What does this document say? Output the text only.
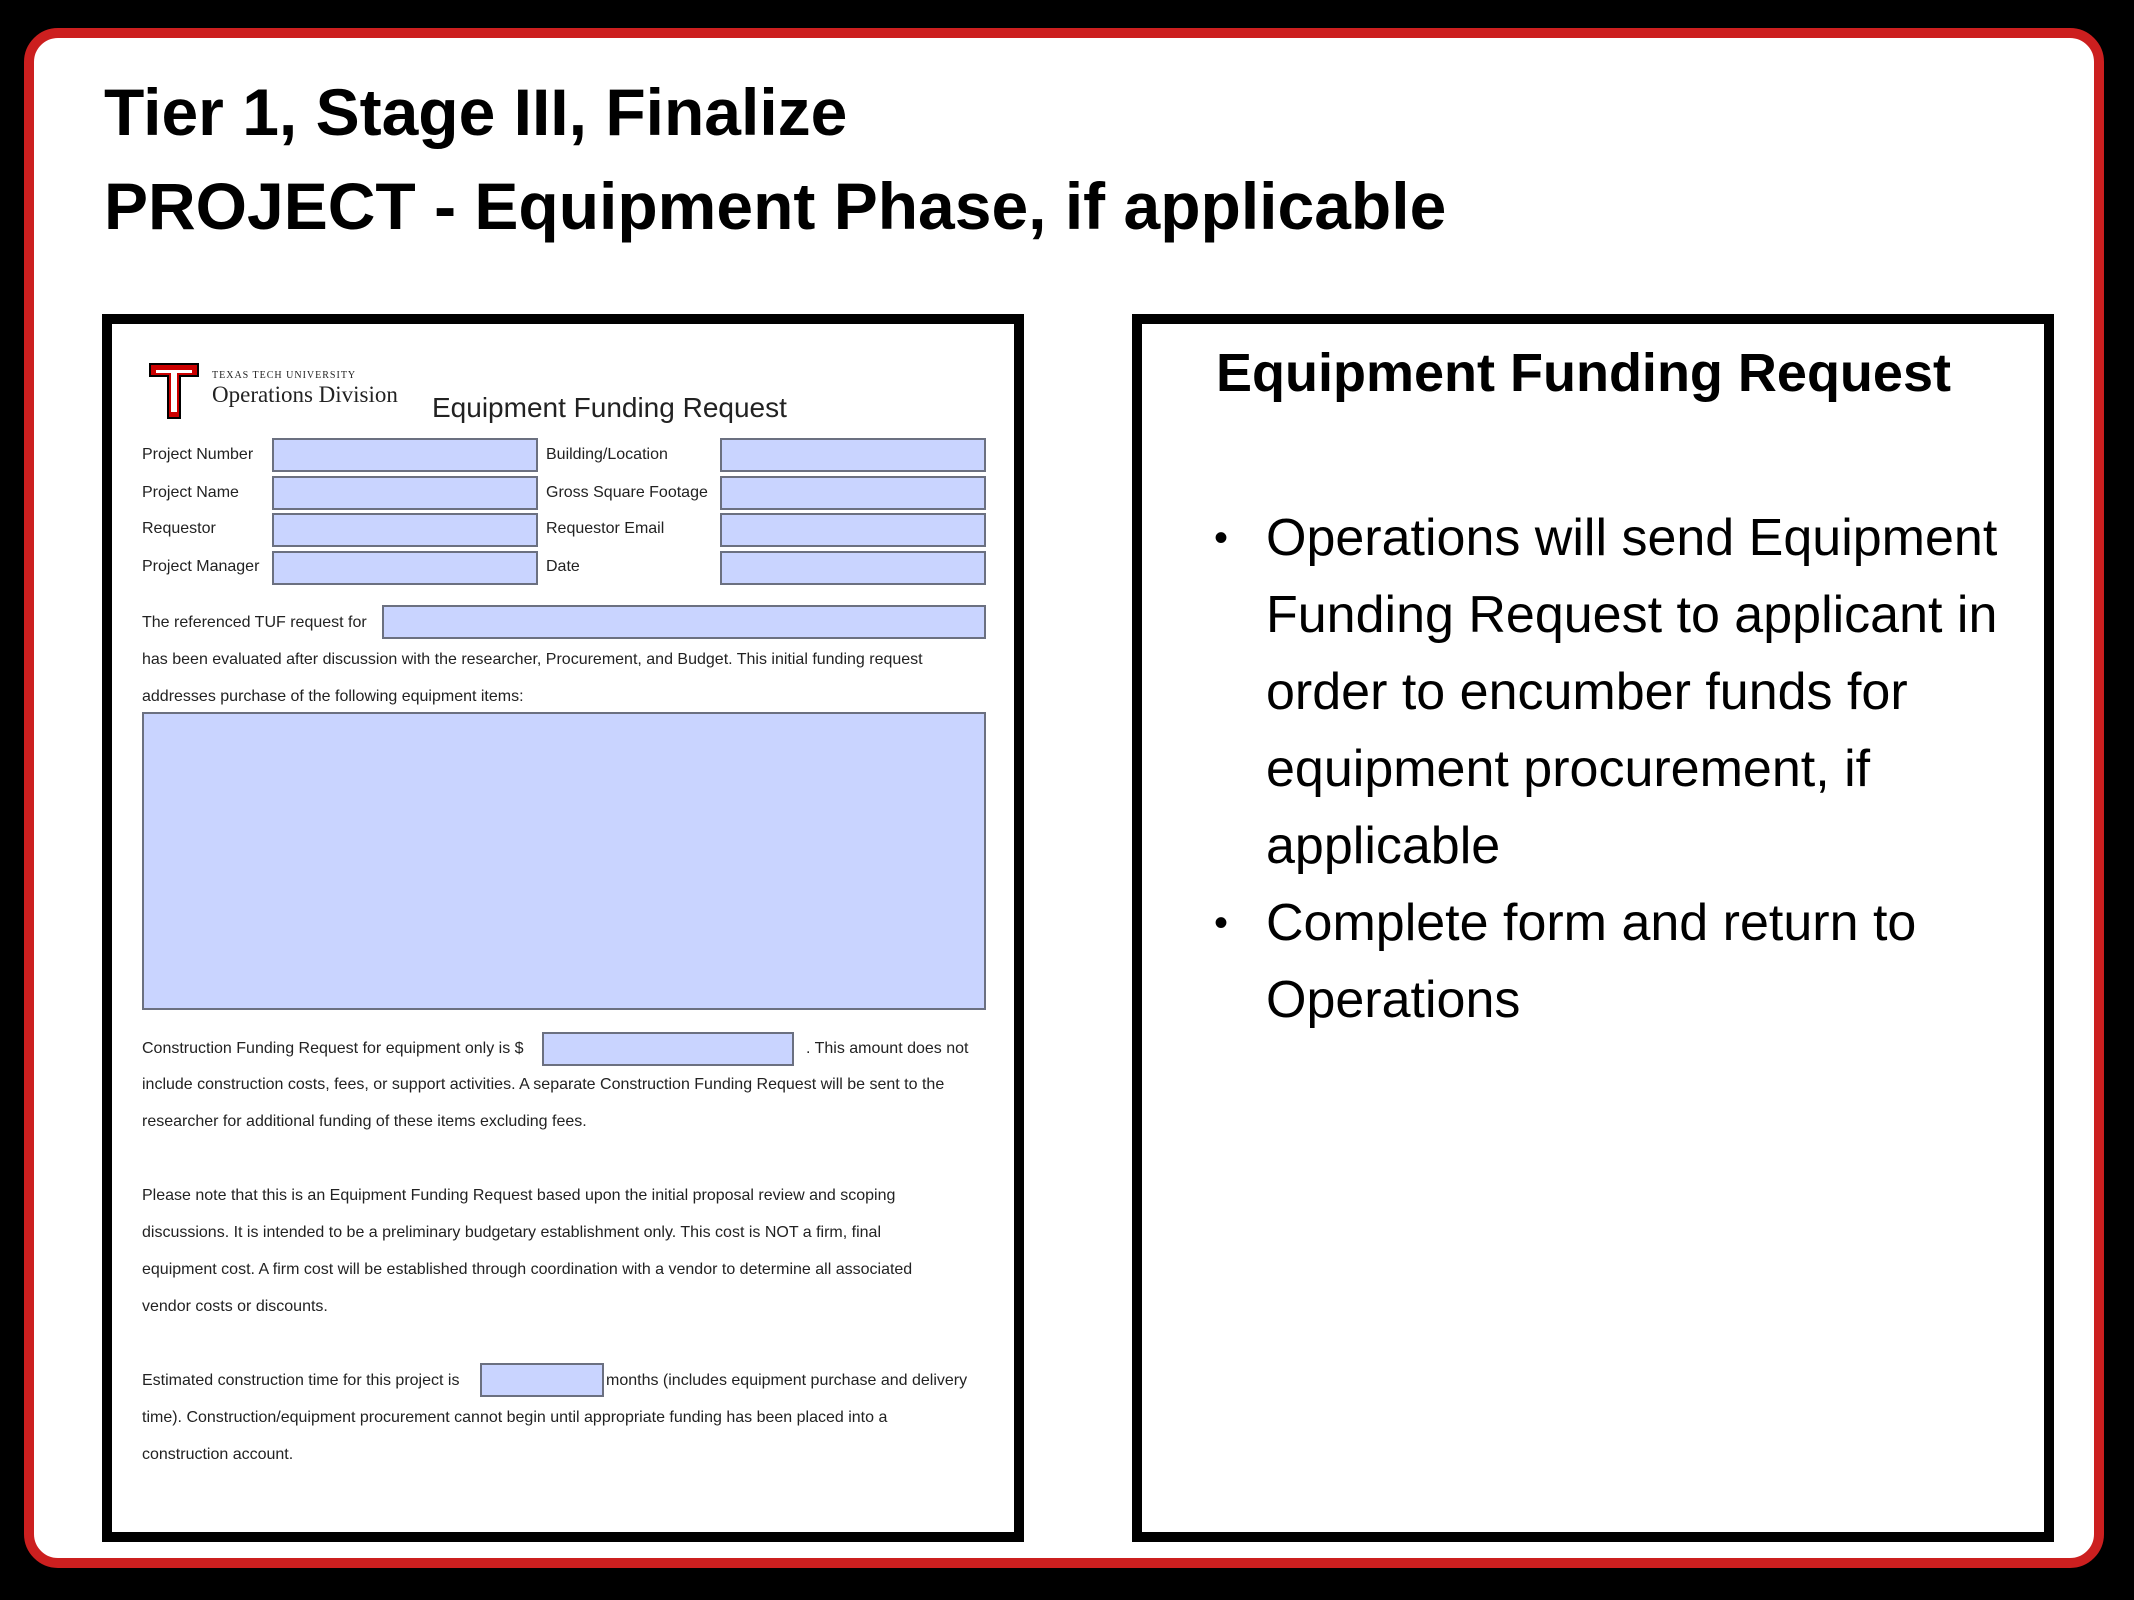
Tier 1, Stage III, Finalize
PROJECT - Equipment Phase, if applicable
TEXAS TECH UNIVERSITY
Operations Division Equipment Funding Request
Project Number	Building/Location
Project Name	Gross Square Footage
Requestor	Requestor Email
Project Manager	Date
The referenced TUF request for
has been evaluated after discussion with the researcher, Procurement, and Budget. This initial funding request
addresses purchase of the following equipment items:
Construction Funding Request for equipment only is $	. This amount does not
include construction costs, fees, or support activities. A separate Construction Funding Request will be sent to the
researcher for additional funding of these items excluding fees.
Please note that this is an Equipment Funding Request based upon the initial proposal review and scoping
discussions. It is intended to be a preliminary budgetary establishment only. This cost is NOT a firm, final
equipment cost. A firm cost will be established through coordination with a vendor to determine all associated
vendor costs or discounts.
Estimated construction time for this project is	months (includes equipment purchase and delivery
time). Construction/equipment procurement cannot begin until appropriate funding has been placed into a
construction account.
Equipment Funding Request
• Operations will send Equipment Funding Request to applicant in order to encumber funds for equipment procurement, if applicable
• Complete form and return to Operations
